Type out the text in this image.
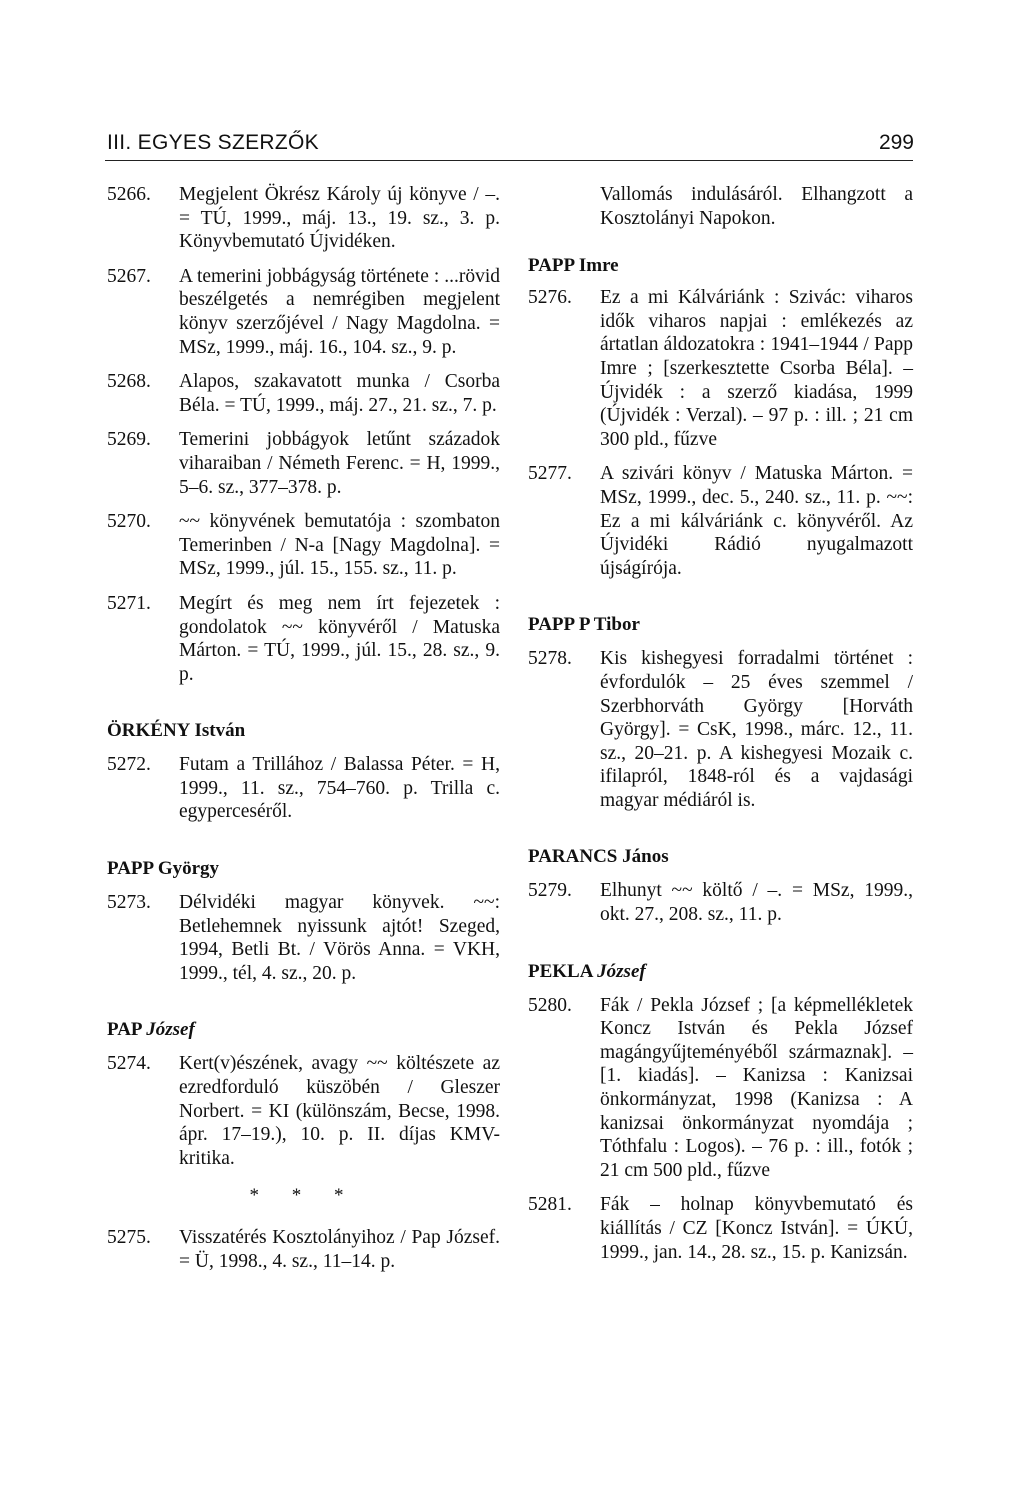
III. EGYES SZERZŐK	299
5266. Megjelent Ökrész Károly új könyve / –. = TÚ, 1999., máj. 13., 19. sz., 3. p. Könyvbemutató Újvidéken.
5267. A temerini jobbágyság története : ...rövid beszélgetés a nemrégiben megjelent könyv szerzőjével / Nagy Magdolna. = MSz, 1999., máj. 16., 104. sz., 9. p.
5268. Alapos, szakavatott munka / Csorba Béla. = TÚ, 1999., máj. 27., 21. sz., 7. p.
5269. Temerini jobbágyok letűnt századok viharaiban / Németh Ferenc. = H, 1999., 5–6. sz., 377–378. p.
5270. ~~ könyvének bemutatója : szombaton Temerinben / N-a [Nagy Magdolna]. = MSz, 1999., júl. 15., 155. sz., 11. p.
5271. Megírt és meg nem írt fejezetek : gondolatok ~~ könyvéről / Matuska Márton. = TÚ, 1999., júl. 15., 28. sz., 9. p.
ÖRKÉNY István
5272. Futam a Trillához / Balassa Péter. = H, 1999., 11. sz., 754–760. p. Trilla c. egyperceséről.
PAPP György
5273. Délvidéki magyar könyvek. ~~: Betlehemnek nyissunk ajtót! Szeged, 1994, Betli Bt. / Vörös Anna. = VKH, 1999., tél, 4. sz., 20. p.
PAP József
5274. Kert(v)észének, avagy ~~ költészete az ezredforduló küszöbén / Gleszer Norbert. = KI (különszám, Becse, 1998. ápr. 17–19.), 10. p. II. díjas KMV-kritika.
* * *
5275. Visszatérés Kosztolányihoz / Pap József. = Ü, 1998., 4. sz., 11–14. p.
Vallomás indulásáról. Elhangzott a Kosztolányi Napokon.
PAPP Imre
5276. Ez a mi Kálváriánk : Szivác: viharos idők viharos napjai : emlékezés az ártatlan áldozatokra : 1941–1944 / Papp Imre ; [szerkesztette Csorba Béla]. – Újvidék : a szerző kiadása, 1999 (Újvidék : Verzal). – 97 p. : ill. ; 21 cm 300 pld., fűzve
5277. A szivári könyv / Matuska Márton. = MSz, 1999., dec. 5., 240. sz., 11. p. ~~: Ez a mi kálváriánk c. könyvéről. Az Újvidéki Rádió nyugalmazott újságírója.
PAPP P Tibor
5278. Kis kishegyesi forradalmi történet : évfordulók – 25 éves szemmel / Szerbhorváth György [Horváth György]. = CsK, 1998., márc. 12., 11. sz., 20–21. p. A kishegyesi Mozaik c. ifilapról, 1848-ról és a vajdasági magyar médiáról is.
PARANCS János
5279. Elhunyt ~~ költő / –. = MSz, 1999., okt. 27., 208. sz., 11. p.
PEKLA József
5280. Fák / Pekla József ; [a képmellékletek Koncz István és Pekla József magángyűjteményéből származnak]. – [1. kiadás]. – Kanizsa : Kanizsai önkormányzat, 1998 (Kanizsa : A kanizsai önkormányzat nyomdája ; Tóthfalu : Logos). – 76 p. : ill., fotók ; 21 cm 500 pld., fűzve
5281. Fák – holnap könyvbemutató és kiállítás / CZ [Koncz István]. = ÚKÚ, 1999., jan. 14., 28. sz., 15. p. Kanizsán.
